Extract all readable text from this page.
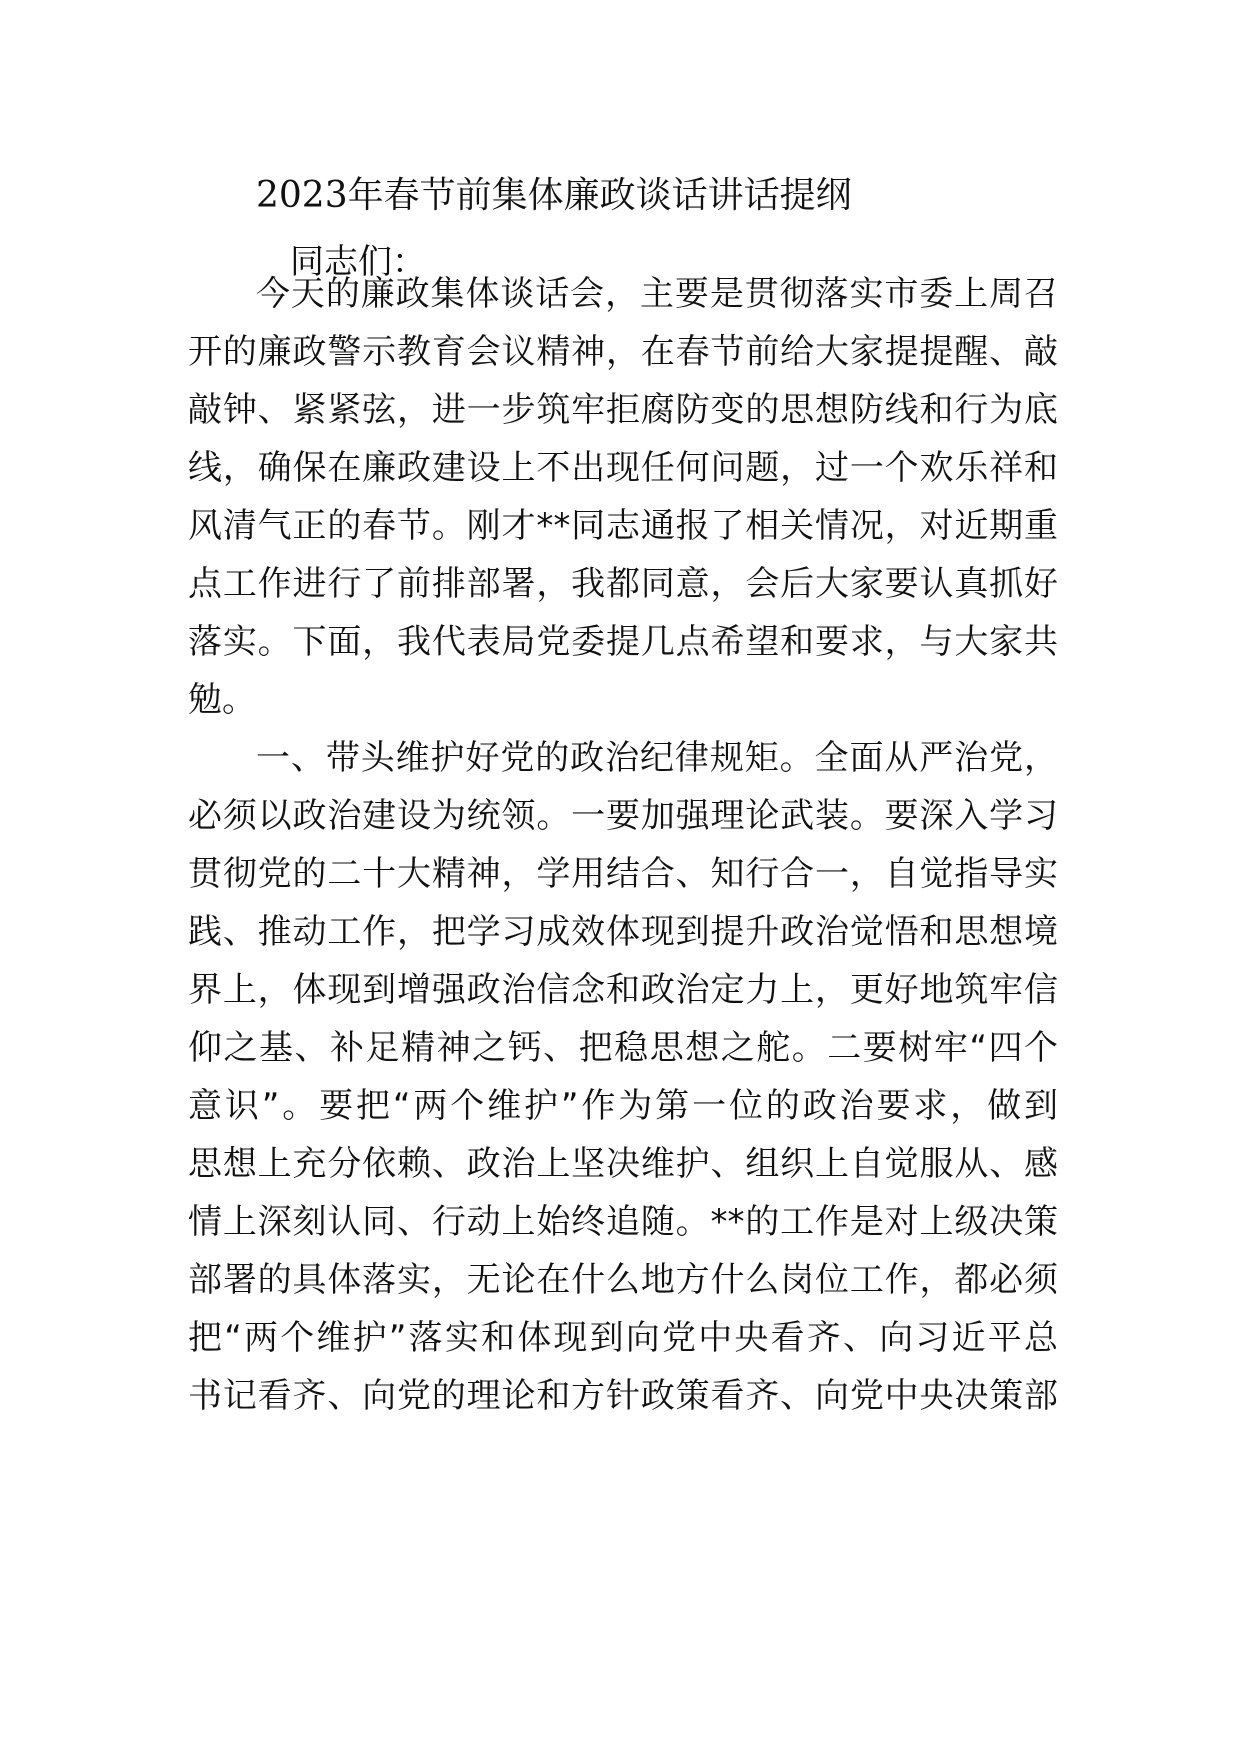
2023年春节前集体廉政谈话讲话提纲
同志们：
今天的廉政集体谈话会，主要是贯彻落实市委上周召
开的廉政警示教育会议精神，在春节前给大家提提醒、敲
敲钟、紧紧弦，进一步筑牢拒腐防变的思想防线和行为底
线，确保在廉政建设上不出现任何问题，过一个欢乐祥和
风清气正的春节。刚才**同志通报了相关情况，对近期重
点工作进行了前排部署，我都同意，会后大家要认真抓好
落实。下面，我代表局党委提几点希望和要求，与大家共
勉。
一、带头维护好党的政治纪律规矩。全面从严治党，
必须以政治建设为统领。一要加强理论武装。要深入学习
贯彻党的二十大精神，学用结合、知行合一，自觉指导实
践、推动工作，把学习成效体现到提升政治觉悟和思想境
界上，体现到增强政治信念和政治定力上，更好地筑牢信
仰之基、补足精神之钙、把稳思想之舵。二要树牢“四个
意识”。要把“两个维护”作为第一位的政治要求，做到
思想上充分依赖、政治上坚决维护、组织上自觉服从、感
情上深刻认同、行动上始终追随。**的工作是对上级决策
部署的具体落实，无论在什么地方什么岗位工作，都必须
把“两个维护”落实和体现到向党中央看齐、向习近平总
书记看齐、向党的理论和方针政策看齐、向党中央决策部
